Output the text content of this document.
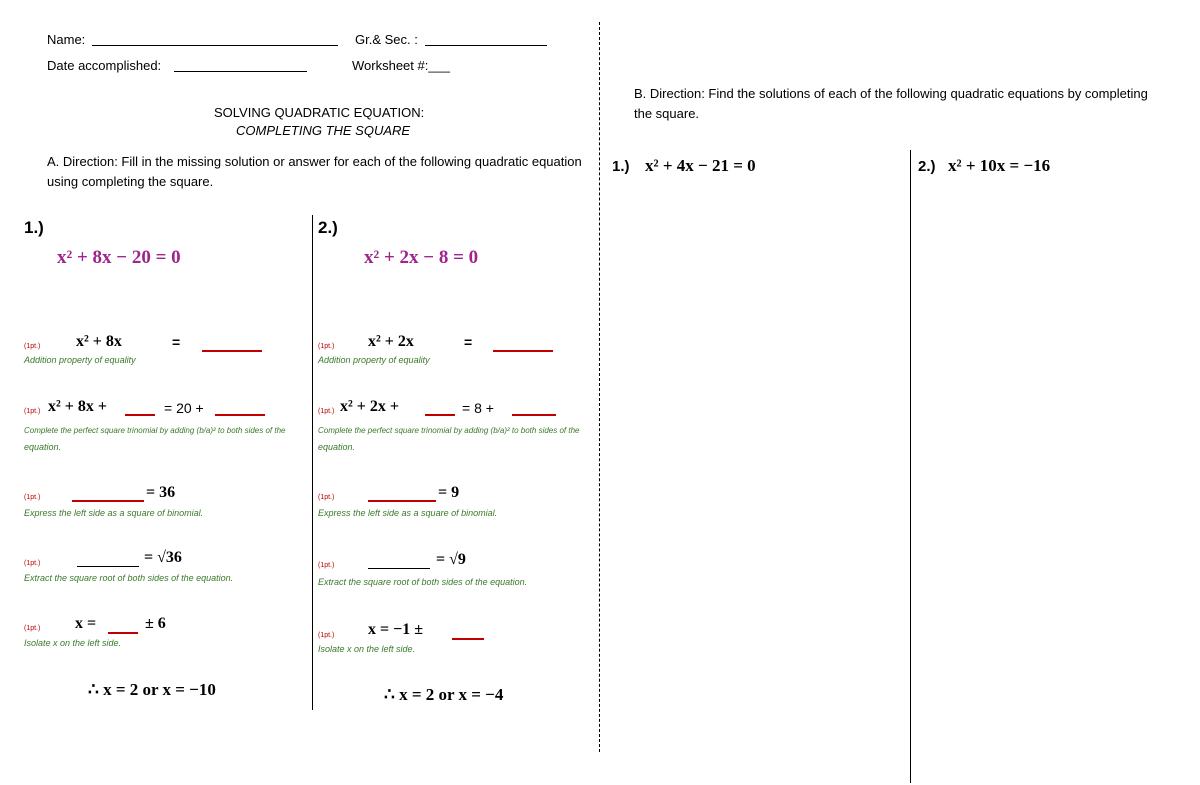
Name:	Gr.& Sec. :
Date accomplished:	Worksheet #:___
SOLVING QUADRATIC EQUATION:
COMPLETING THE SQUARE
A. Direction: Fill in the missing solution or answer for each of the following quadratic equation using completing the square.
1.)
x² + 8x − 20 = 0
(1pt.) x² + 8x	=
Addition property of equality
(1pt.) x² + 8x +	= 20 +
Complete the perfect square trinomial by adding (b/a)² to both sides of the
equation.
(1pt.)	= 36
Express the left side as a square of binomial.
(1pt.)	= √36
Extract the square root of both sides of the equation.
(1pt.) x =	± 6
Isolate x on the left side.
∴ x = 2 or x = −10
2.)
x² + 2x − 8 = 0
(1pt.) x² + 2x	=
Addition property of equality
(1pt.) x² + 2x +	= 8 +
Complete the perfect square trinomial by adding (b/a)² to both sides of the
equation.
(1pt.)	= 9
Express the left side as a square of binomial.
(1pt.)	= √9
Extract the square root of both sides of the equation.
(1pt.) x = −1 ±
Isolate x on the left side.
∴ x = 2 or x = −4
B. Direction: Find the solutions of each of the following quadratic equations by completing the square.
1.) x² + 4x − 21 = 0	2.) x² + 10x = −16
